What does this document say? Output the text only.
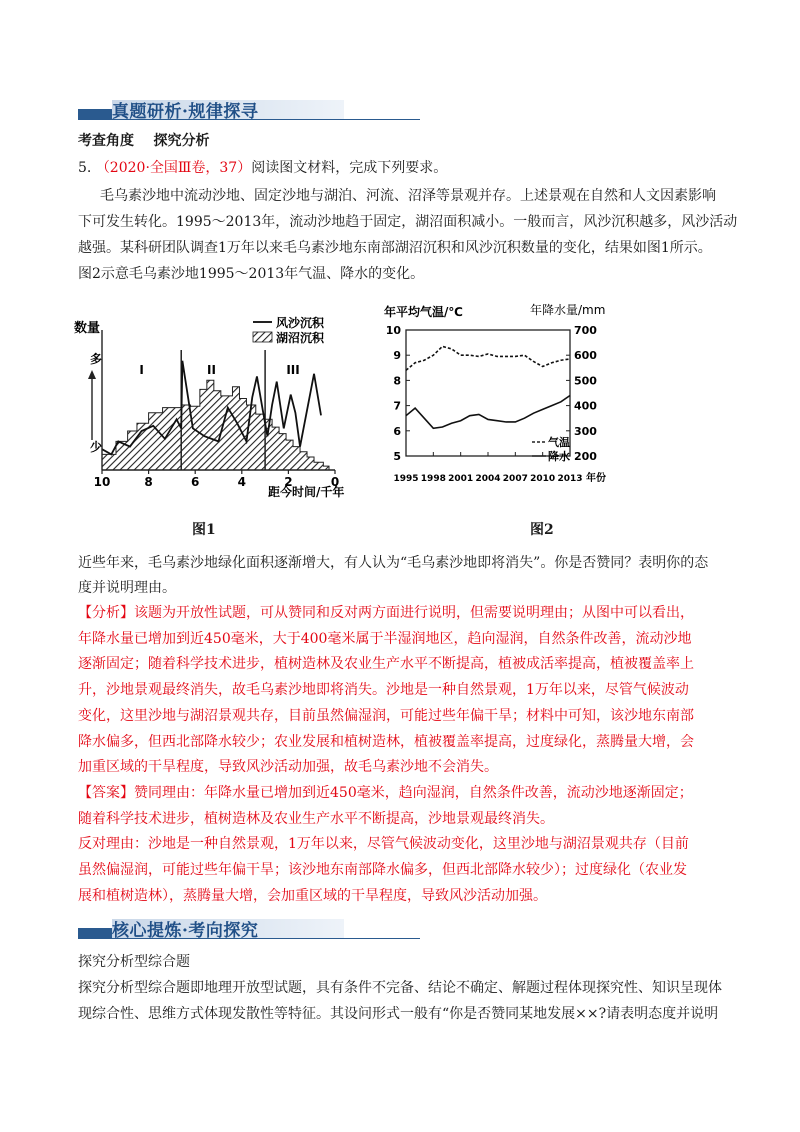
真题研析·规律探寻
考查角度 探究分析
5. （2020·全国Ⅲ卷，37）阅读图文材料，完成下列要求。
毛乌素沙地中流动沙地、固定沙地与湖泊、河流、沼泽等景观并存。上述景观在自然和人文因素影响
下可发生转化。1995～2013年，流动沙地趋于固定，湖沼面积减小。一般而言，风沙沉积越多，风沙活动
越强。某科研团队调查1万年以来毛乌素沙地东南部湖沼沉积和风沙沉积数量的变化，结果如图1所示。
图2示意毛乌素沙地1995～2013年气温、降水的变化。
10	8	6	4	2	0
I	II	III
数量
多
少
风沙沉积
湖沼沉积
距今时间/千年
10
9
8
7
6
5
700
600
500
400
300
200
1995 1998 2001 2004 2007 2010 2013
年平均气温/℃	年降水量/mm
气温
降水
年份
图1	图2
近些年来，毛乌素沙地绿化面积逐渐增大，有人认为“毛乌素沙地即将消失”。你是否赞同？表明你的态
度并说明理由。
【分析】该题为开放性试题，可从赞同和反对两方面进行说明，但需要说明理由；从图中可以看出，
年降水量已增加到近450毫米，大于400毫米属于半湿润地区，趋向湿润，自然条件改善，流动沙地
逐渐固定；随着科学技术进步，植树造林及农业生产水平不断提高，植被成活率提高，植被覆盖率上
升，沙地景观最终消失，故毛乌素沙地即将消失。沙地是一种自然景观，1万年以来，尽管气候波动
变化，这里沙地与湖沼景观共存，目前虽然偏湿润，可能过些年偏干旱；材料中可知，该沙地东南部
降水偏多，但西北部降水较少；农业发展和植树造林，植被覆盖率提高，过度绿化，蒸腾量大增，会
加重区域的干旱程度，导致风沙活动加强，故毛乌素沙地不会消失。
【答案】赞同理由：年降水量已增加到近450毫米，趋向湿润，自然条件改善，流动沙地逐渐固定；
随着科学技术进步，植树造林及农业生产水平不断提高，沙地景观最终消失。
反对理由：沙地是一种自然景观，1万年以来，尽管气候波动变化，这里沙地与湖沼景观共存（目前
虽然偏湿润，可能过些年偏干旱；该沙地东南部降水偏多，但西北部降水较少）；过度绿化（农业发
展和植树造林），蒸腾量大增，会加重区域的干旱程度，导致风沙活动加强。
核心提炼·考向探究
探究分析型综合题
探究分析型综合题即地理开放型试题，具有条件不完备、结论不确定、解题过程体现探究性、知识呈现体
现综合性、思维方式体现发散性等特征。其设问形式一般有“你是否赞同某地发展××?请表明态度并说明
